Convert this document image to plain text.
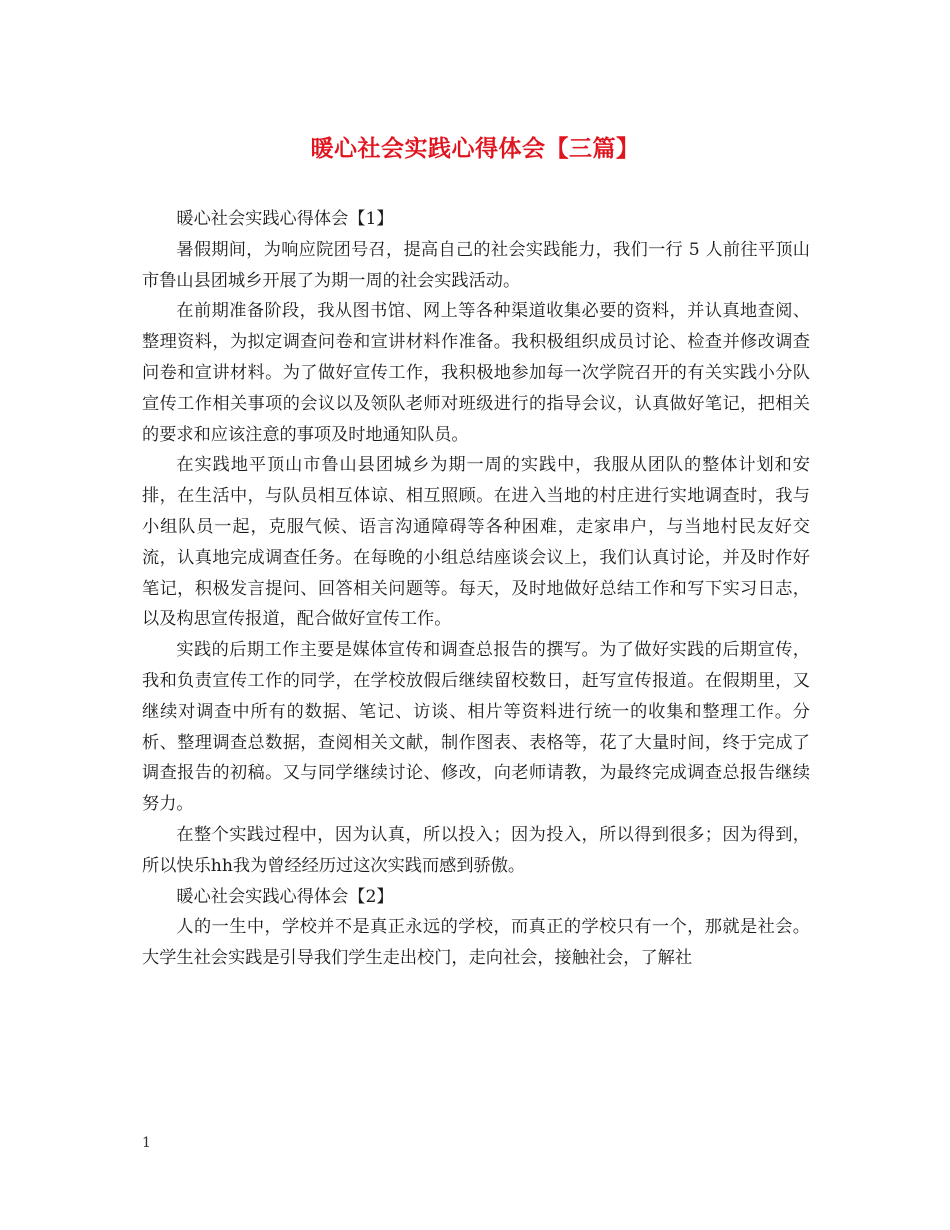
暖心社会实践心得体会【三篇】

暖心社会实践心得体会【1】

暑假期间，为响应院团号召，提高自己的社会实践能力，我们一行 5 人前往平顶山市鲁山县团城乡开展了为期一周的社会实践活动。

在前期准备阶段，我从图书馆、网上等各种渠道收集必要的资料，并认真地查阅、整理资料，为拟定调查问卷和宣讲材料作准备。我积极组织成员讨论、检查并修改调查问卷和宣讲材料。为了做好宣传工作，我积极地参加每一次学院召开的有关实践小分队宣传工作相关事项的会议以及领队老师对班级进行的指导会议，认真做好笔记，把相关的要求和应该注意的事项及时地通知队员。

在实践地平顶山市鲁山县团城乡为期一周的实践中，我服从团队的整体计划和安排，在生活中，与队员相互体谅、相互照顾。在进入当地的村庄进行实地调查时，我与小组队员一起，克服气候、语言沟通障碍等各种困难，走家串户，与当地村民友好交流，认真地完成调查任务。在每晚的小组总结座谈会议上，我们认真讨论，并及时作好笔记，积极发言提问、回答相关问题等。每天，及时地做好总结工作和写下实习日志，以及构思宣传报道，配合做好宣传工作。

实践的后期工作主要是媒体宣传和调查总报告的撰写。为了做好实践的后期宣传，我和负责宣传工作的同学，在学校放假后继续留校数日，赶写宣传报道。在假期里，又继续对调查中所有的数据、笔记、访谈、相片等资料进行统一的收集和整理工作。分析、整理调查总数据，查阅相关文献，制作图表、表格等，花了大量时间，终于完成了调查报告的初稿。又与同学继续讨论、修改，向老师请教，为最终完成调查总报告继续努力。

在整个实践过程中，因为认真，所以投入；因为投入，所以得到很多；因为得到，所以快乐hh我为曾经经历过这次实践而感到骄傲。

暖心社会实践心得体会【2】

人的一生中，学校并不是真正永远的学校，而真正的学校只有一个，那就是社会。大学生社会实践是引导我们学生走出校门，走向社会，接触社会，了解社

1
